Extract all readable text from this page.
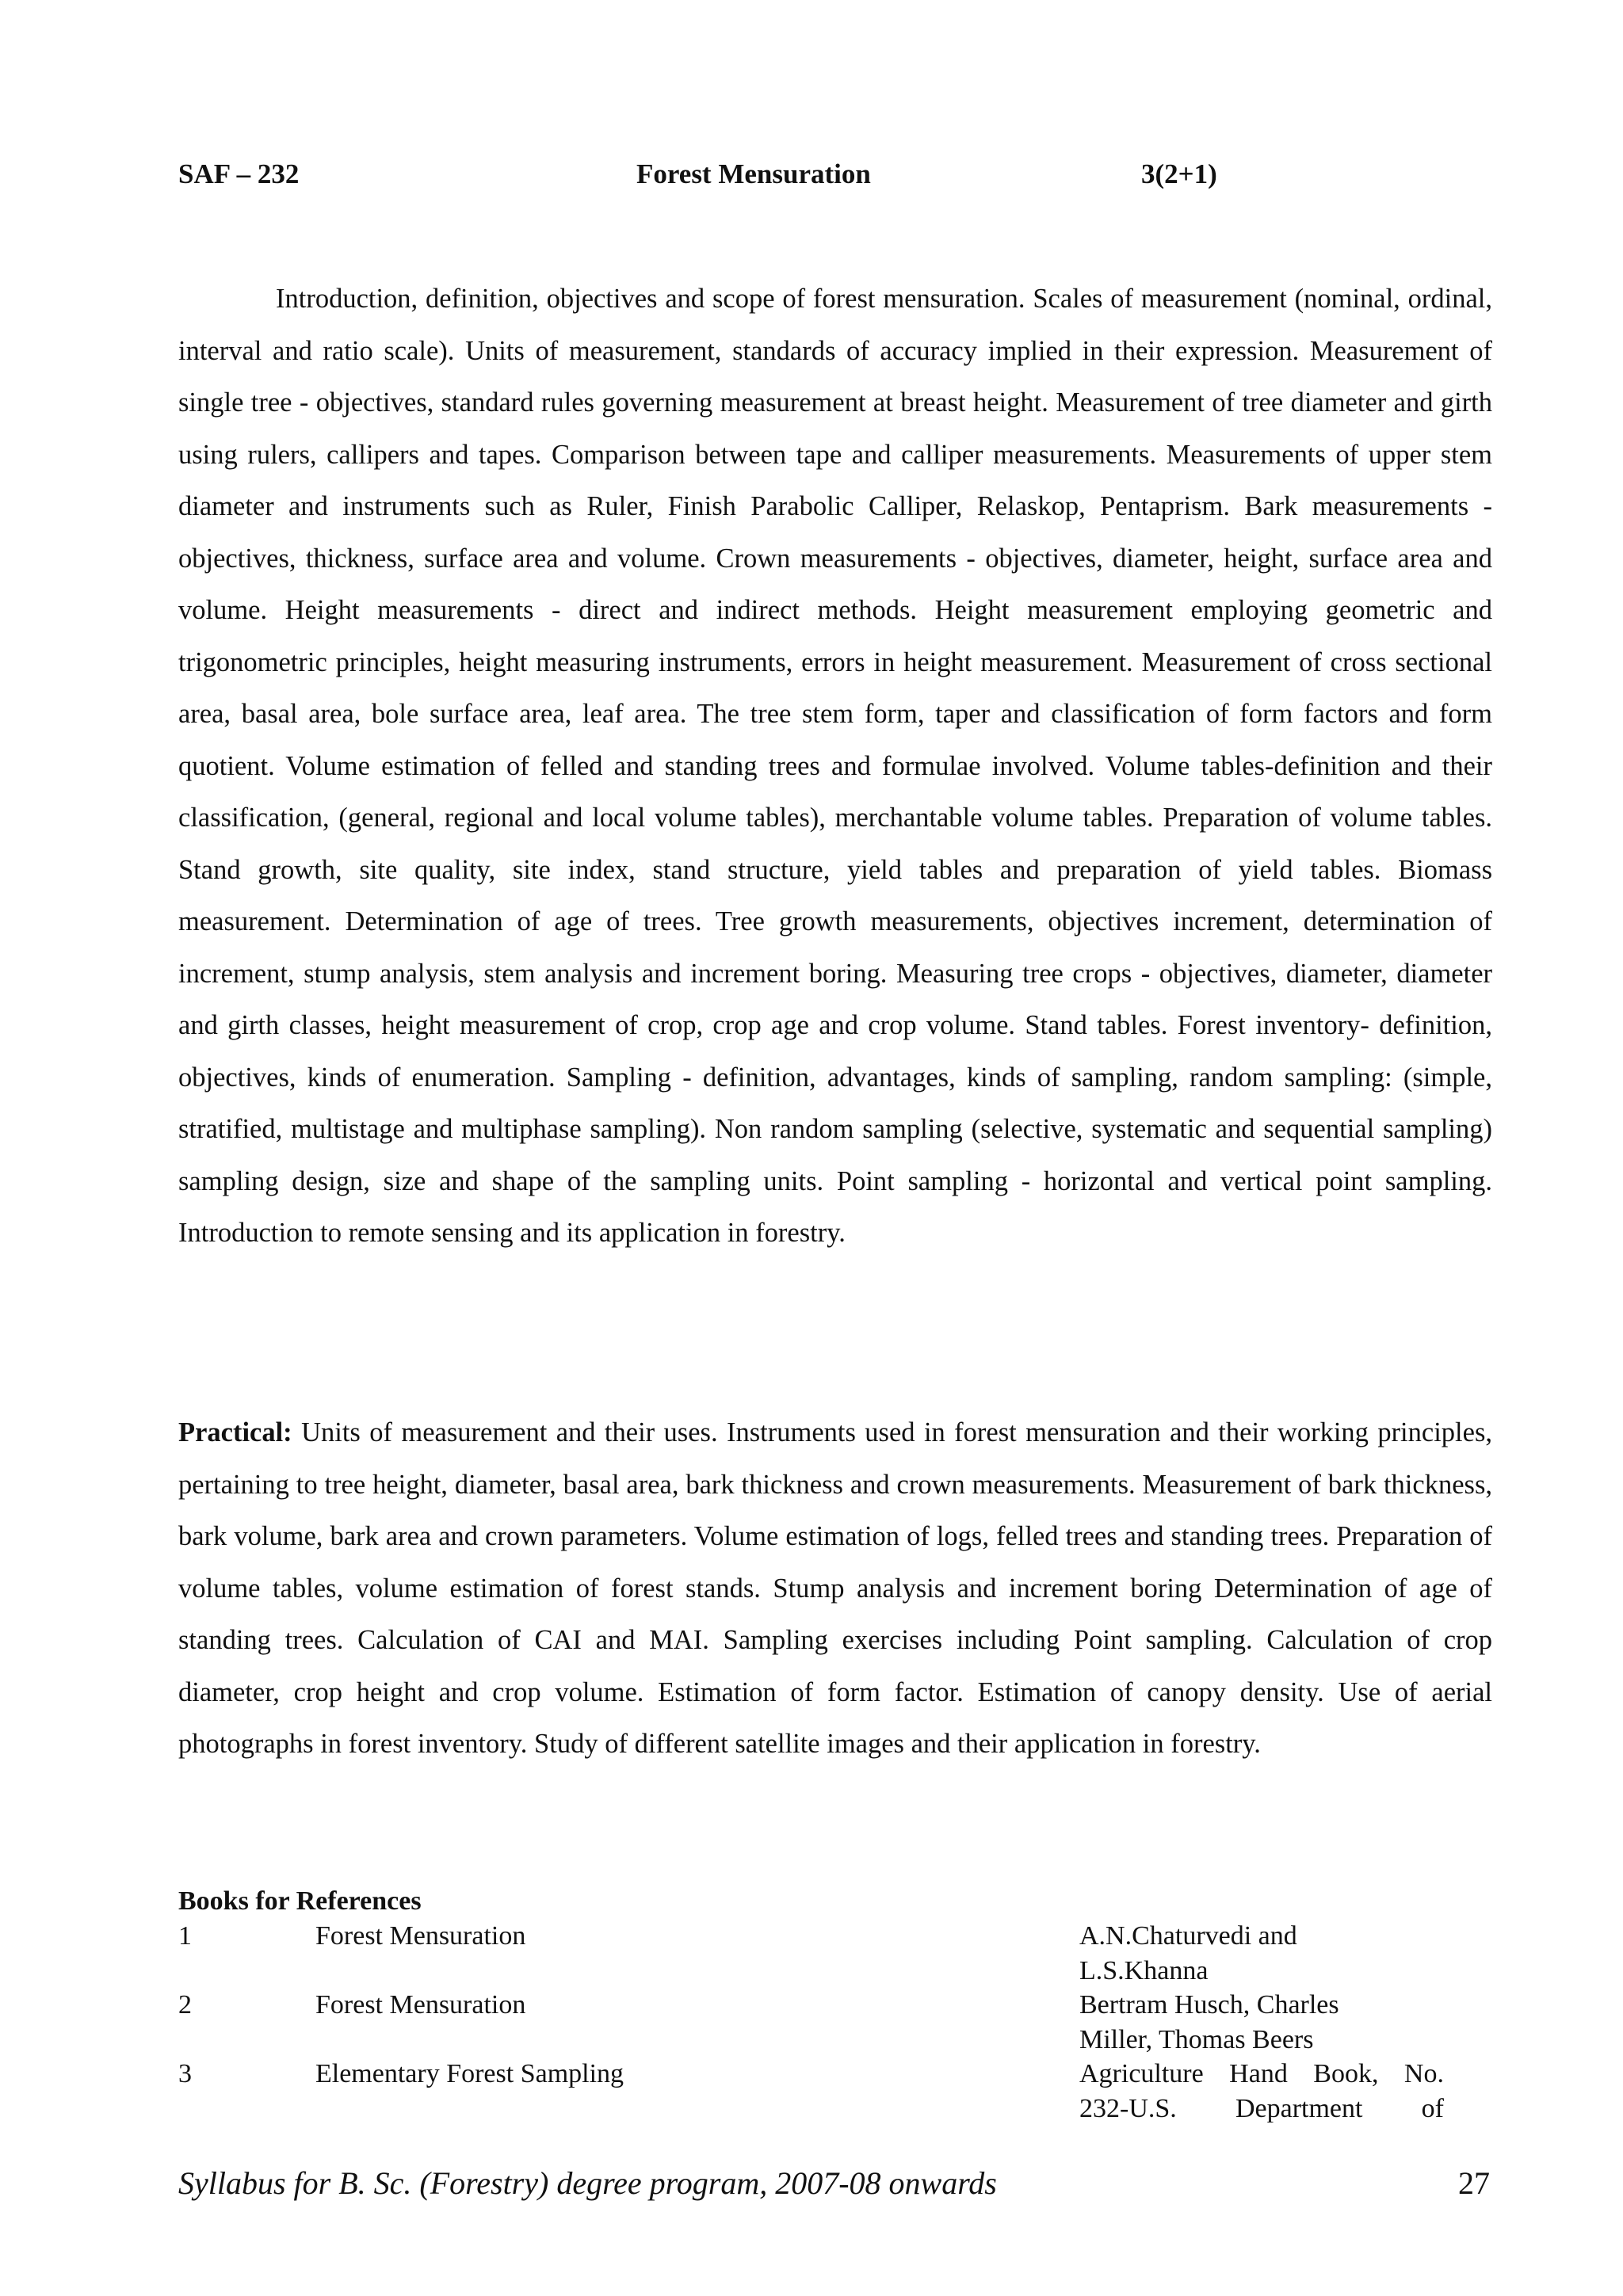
SAF – 232	Forest Mensuration	3(2+1)

Introduction, definition, objectives and scope of forest mensuration. Scales of measurement (nominal, ordinal, interval and ratio scale). Units of measurement, standards of accuracy implied in their expression. Measurement of single tree - objectives, standard rules governing measurement at breast height. Measurement of tree diameter and girth using rulers, callipers and tapes. Comparison between tape and calliper measurements. Measurements of upper stem diameter and instruments such as Ruler, Finish Parabolic Calliper, Relaskop, Pentaprism. Bark measurements - objectives, thickness, surface area and volume. Crown measurements - objectives, diameter, height, surface area and volume. Height measurements - direct and indirect methods. Height measurement employing geometric and trigonometric principles, height measuring instruments, errors in height measurement. Measurement of cross sectional area, basal area, bole surface area, leaf area. The tree stem form, taper and classification of form factors and form quotient. Volume estimation of felled and standing trees and formulae involved. Volume tables-definition and their classification, (general, regional and local volume tables), merchantable volume tables. Preparation of volume tables. Stand growth, site quality, site index, stand structure, yield tables and preparation of yield tables. Biomass measurement. Determination of age of trees. Tree growth measurements, objectives increment, determination of increment, stump analysis, stem analysis and increment boring. Measuring tree crops - objectives, diameter, diameter and girth classes, height measurement of crop, crop age and crop volume. Stand tables. Forest inventory- definition, objectives, kinds of enumeration. Sampling - definition, advantages, kinds of sampling, random sampling: (simple, stratified, multistage and multiphase sampling). Non random sampling (selective, systematic and sequential sampling) sampling design, size and shape of the sampling units. Point sampling - horizontal and vertical point sampling. Introduction to remote sensing and its application in forestry.

Practical: Units of measurement and their uses. Instruments used in forest mensuration and their working principles, pertaining to tree height, diameter, basal area, bark thickness and crown measurements. Measurement of bark thickness, bark volume, bark area and crown parameters. Volume estimation of logs, felled trees and standing trees. Preparation of volume tables, volume estimation of forest stands. Stump analysis and increment boring Determination of age of standing trees. Calculation of CAI and MAI. Sampling exercises including Point sampling. Calculation of crop diameter, crop height and crop volume. Estimation of form factor. Estimation of canopy density. Use of aerial photographs in forest inventory. Study of different satellite images and their application in forestry.

Books for References
1	Forest Mensuration	A.N.Chaturvedi and
L.S.Khanna
2	Forest Mensuration	Bertram Husch, Charles
Miller, Thomas Beers
3	Elementary Forest Sampling	Agriculture Hand Book, No.
232-U.S. Department of
Syllabus for B. Sc. (Forestry) degree program, 2007-08 onwards	27
